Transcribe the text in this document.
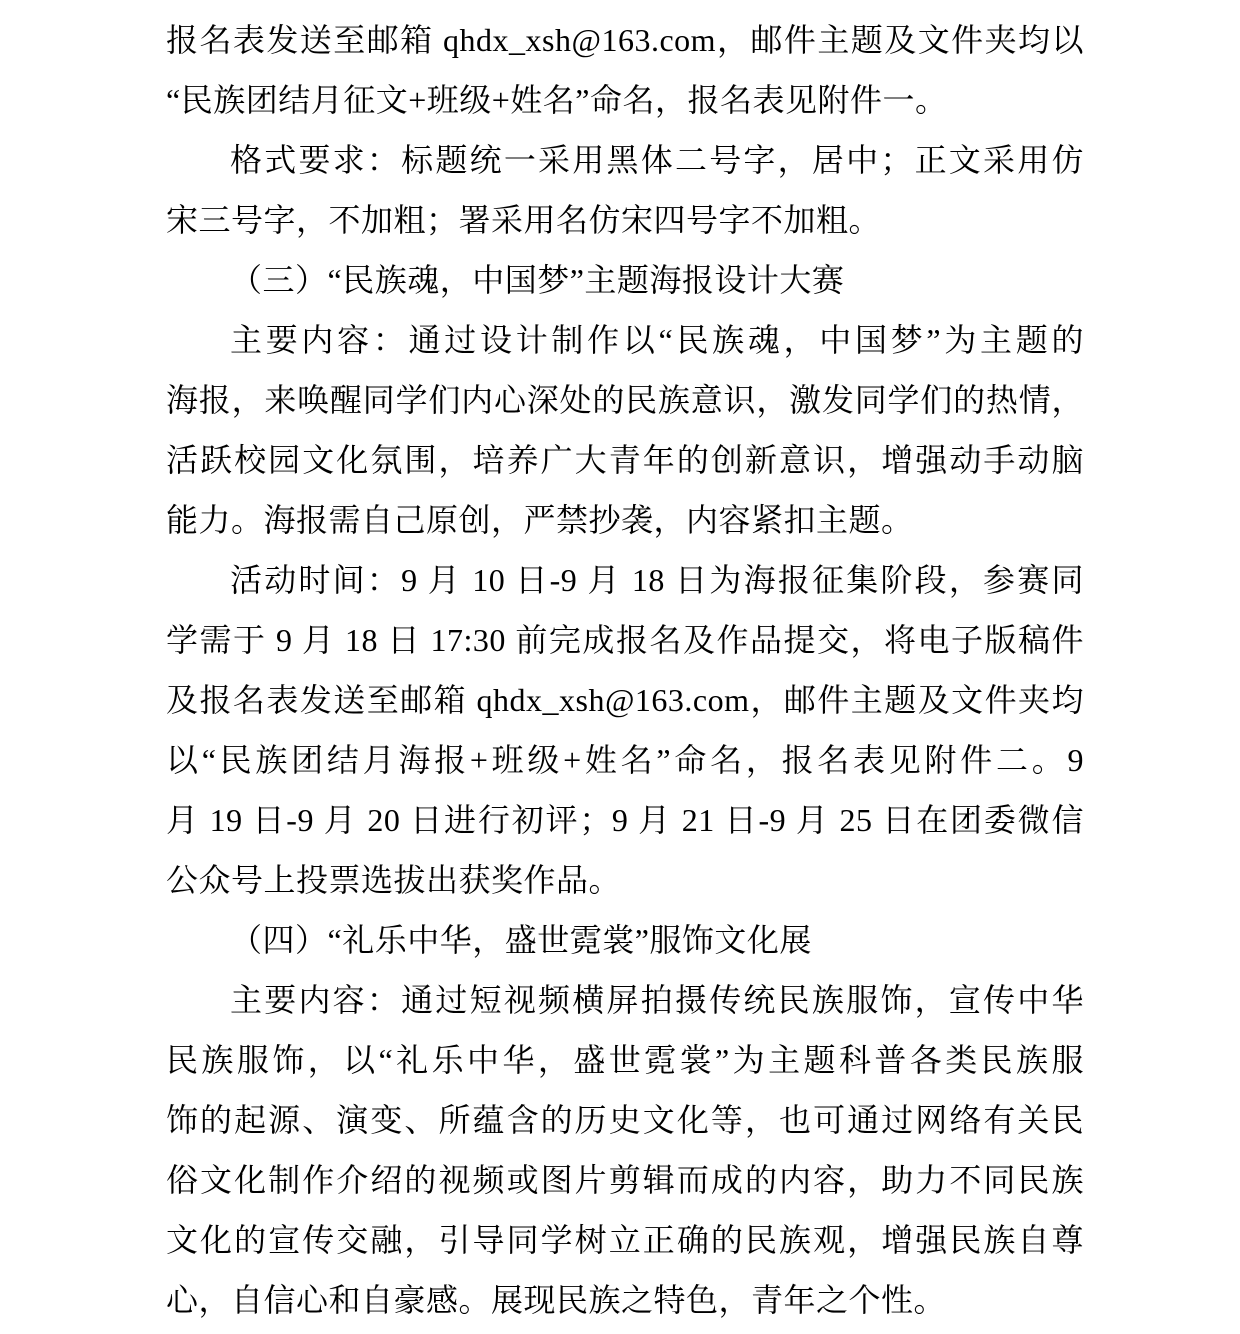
报名表发送至邮箱 qhdx_xsh@163.com，邮件主题及文件夹均以
“民族团结月征文+班级+姓名”命名，报名表见附件一。
格式要求：标题统一采用黑体二号字，居中；正文采用仿
宋三号字，不加粗；署采用名仿宋四号字不加粗。
（三）“民族魂，中国梦”主题海报设计大赛
主要内容：通过设计制作以“民族魂，中国梦”为主题的
海报，来唤醒同学们内心深处的民族意识，激发同学们的热情，
活跃校园文化氛围，培养广大青年的创新意识，增强动手动脑
能力。海报需自己原创，严禁抄袭，内容紧扣主题。
活动时间：9 月 10 日-9 月 18 日为海报征集阶段，参赛同
学需于 9 月 18 日 17:30 前完成报名及作品提交，将电子版稿件
及报名表发送至邮箱 qhdx_xsh@163.com，邮件主题及文件夹均
以“民族团结月海报+班级+姓名”命名，报名表见附件二。9
月 19 日-9 月 20 日进行初评；9 月 21 日-9 月 25 日在团委微信
公众号上投票选拔出获奖作品。
（四）“礼乐中华，盛世霓裳”服饰文化展
主要内容：通过短视频横屏拍摄传统民族服饰，宣传中华
民族服饰，以“礼乐中华，盛世霓裳”为主题科普各类民族服
饰的起源、演变、所蕴含的历史文化等，也可通过网络有关民
俗文化制作介绍的视频或图片剪辑而成的内容，助力不同民族
文化的宣传交融，引导同学树立正确的民族观，增强民族自尊
心，自信心和自豪感。展现民族之特色，青年之个性。
